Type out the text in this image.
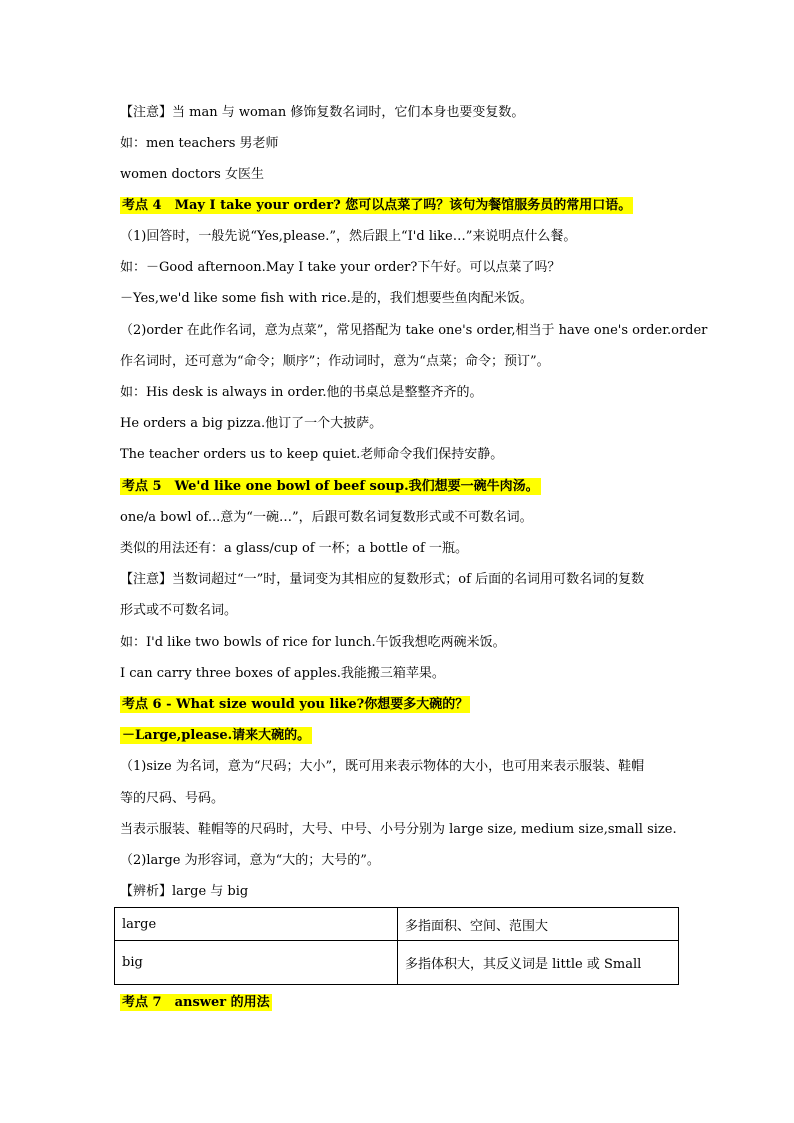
【注意】当 man 与 woman 修饰复数名词时，它们本身也要变复数。
如：men teachers 男老师
women doctors 女医生
考点 4　May I take your order? 您可以点菜了吗？该句为餐馆服务员的常用口语。
（1)回答时，一般先说“Yes,please.”，然后跟上“I'd like…”来说明点什么餐。
如：－Good afternoon.May I take your order?下午好。可以点菜了吗？
－Yes,we'd like some fish with rice.是的，我们想要些鱼肉配米饭。
（2)order 在此作名词，意为点菜”，常见搭配为 take one's order,相当于 have one's order.order
作名词时，还可意为“命令；顺序”；作动词时，意为“点菜；命令；预订”。
如：His desk is always in order.他的书桌总是整整齐齐的。
He orders a big pizza.他订了一个大披萨。
The teacher orders us to keep quiet.老师命令我们保持安静。
考点 5　We'd like one bowl of beef soup.我们想要一碗牛肉汤。
one/a bowl of...意为“一碗…”，后跟可数名词复数形式或不可数名词。
类似的用法还有：a glass/cup of 一杯；a bottle of 一瓶。
【注意】当数词超过“一”时，量词变为其相应的复数形式；of 后面的名词用可数名词的复数
形式或不可数名词。
如：I'd like two bowls of rice for lunch.午饭我想吃两碗米饭。
I can carry three boxes of apples.我能搬三箱苹果。
考点 6 - What size would you like?你想要多大碗的？
－Large,please.请来大碗的。
（1)size 为名词，意为“尺码；大小”，既可用来表示物体的大小，也可用来表示服装、鞋帽
等的尺码、号码。
当表示服装、鞋帽等的尺码时，大号、中号、小号分别为 large size, medium size,small size.
（2)large 为形容词，意为“大的；大号的”。
【辨析】large 与 big
large	多指面积、空间、范围大
big	多指体积大，其反义词是 little 或 Small
考点 7　answer 的用法
